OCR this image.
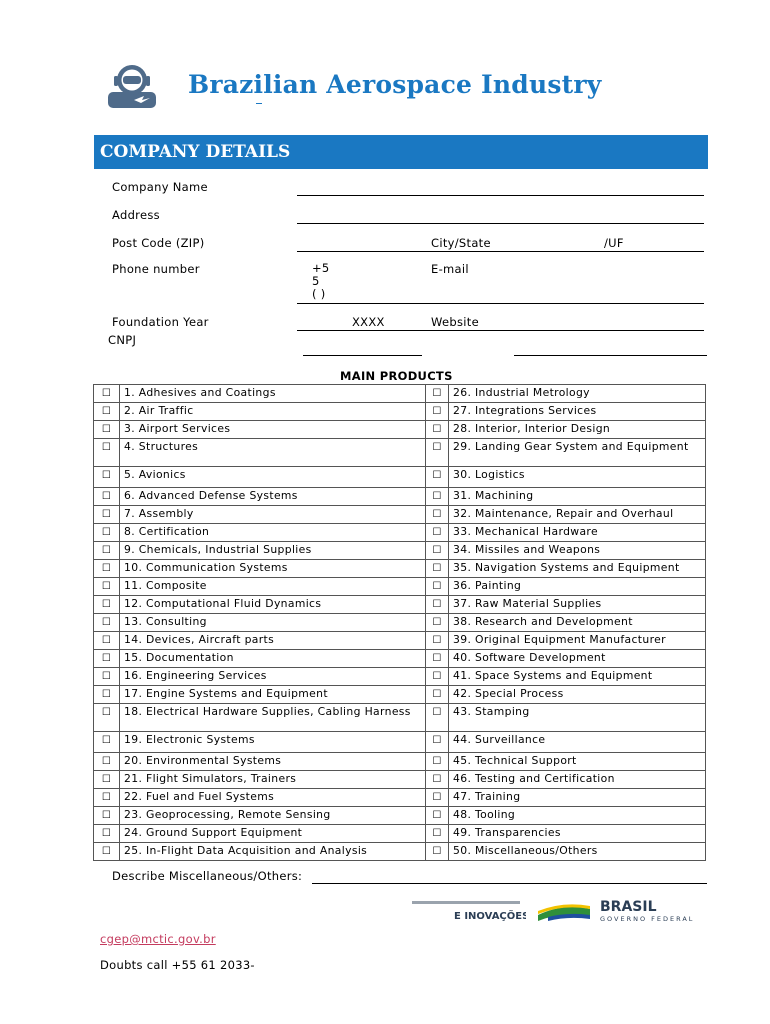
Brazilian Aerospace Industry
COMPANY DETAILS
Company Name
Address
Post Code (ZIP)	City/State	/UF
Phone number	+5
5
( )
E-mail
Foundation Year	XXXX	Website
CNPJ
MAIN PRODUCTS
☐	1. Adhesives and Coatings	☐	26. Industrial Metrology
☐	2. Air Traffic	☐	27. Integrations Services
☐	3. Airport Services	☐	28. Interior, Interior Design
☐	4. Structures	☐	29. Landing Gear System and Equipment
☐	5. Avionics	☐	30. Logistics
☐	6. Advanced Defense Systems	☐	31. Machining
☐	7. Assembly	☐	32. Maintenance, Repair and Overhaul
☐	8. Certification	☐	33. Mechanical Hardware
☐	9. Chemicals, Industrial Supplies	☐	34. Missiles and Weapons
☐	10. Communication Systems	☐	35. Navigation Systems and Equipment
☐	11. Composite	☐	36. Painting
☐	12. Computational Fluid Dynamics	☐	37. Raw Material Supplies
☐	13. Consulting	☐	38. Research and Development
☐	14. Devices, Aircraft parts	☐	39. Original Equipment Manufacturer
☐	15. Documentation	☐	40. Software Development
☐	16. Engineering Services	☐	41. Space Systems and Equipment
☐	17. Engine Systems and Equipment	☐	42. Special Process
☐	18. Electrical Hardware Supplies, Cabling Harness	☐	43. Stamping
☐	19. Electronic Systems	☐	44. Surveillance
☐	20. Environmental Systems	☐	45. Technical Support
☐	21. Flight Simulators, Trainers	☐	46. Testing and Certification
☐	22. Fuel and Fuel Systems	☐	47. Training
☐	23. Geoprocessing, Remote Sensing	☐	48. Tooling
☐	24. Ground Support Equipment	☐	49. Transparencies
☐	25. In-Flight Data Acquisition and Analysis	☐	50. Miscellaneous/Others
Describe Miscellaneous/Others:
E INOVAÇÕES
BRASIL
GOVERNO FEDERAL
cgep@mctic.gov.br
Doubts call +55 61 2033-
